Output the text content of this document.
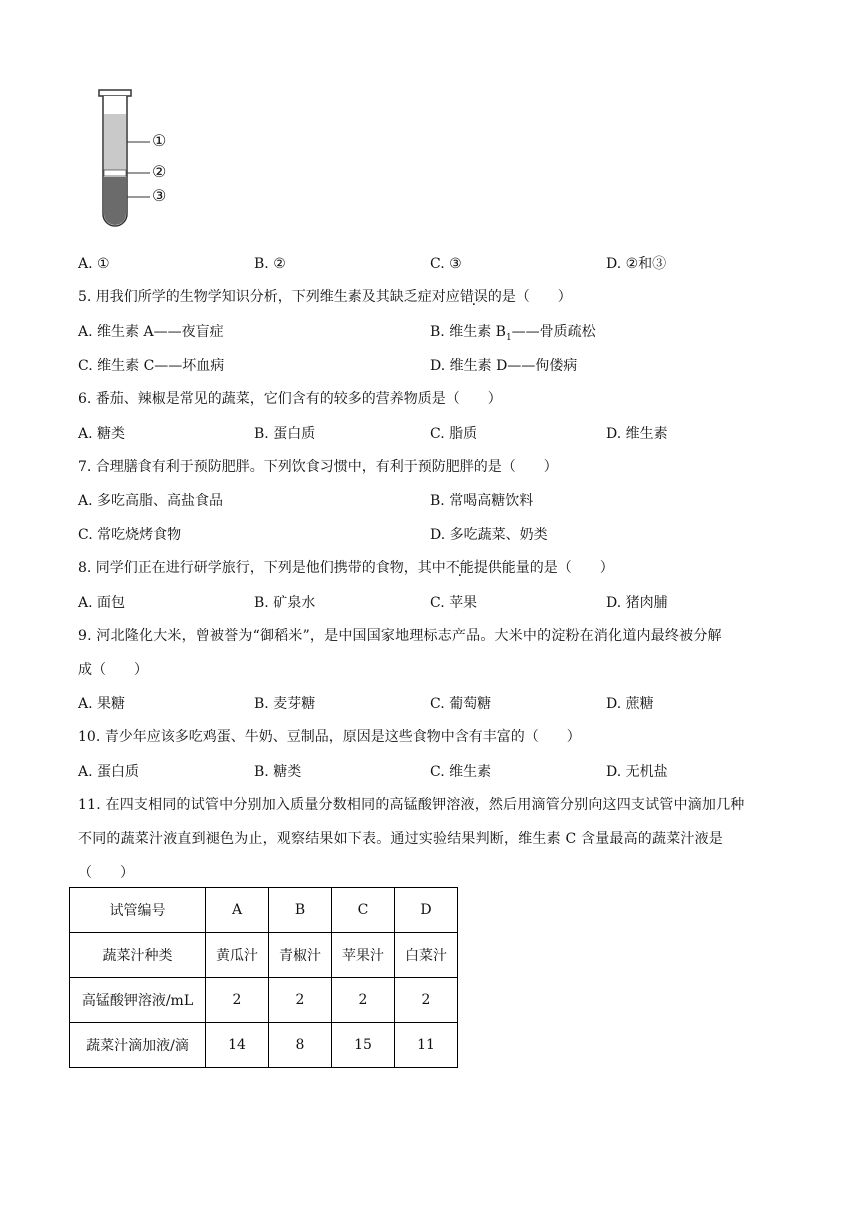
①
②
③
A. ①	B. ②	C. ③	D. ②和③
5. 用我们所学的生物学知识分析，下列维生素及其缺乏症对应错误的是（　　）
A. 维生素 A——夜盲症	B. 维生素 $B_1——$骨质疏松
C. 维生素 C——坏血病	D. 维生素 D——佝偻病
6. 番茄、辣椒是常见的蔬菜，它们含有的较多的营养物质是（　　）
A. 糖类	B. 蛋白质	C. 脂质	D. 维生素
7. 合理膳食有利于预防肥胖。下列饮食习惯中，有利于预防肥胖的是（　　）
A. 多吃高脂、高盐食品	B. 常喝高糖饮料
C. 常吃烧烤食物	D. 多吃蔬菜、奶类
8. 同学们正在进行研学旅行，下列是他们携带的食物，其中不能提供能量的是（　　）
A. 面包	B. 矿泉水	C. 苹果	D. 猪肉脯
9. 河北隆化大米，曾被誉为“御稻米”，是中国国家地理标志产品。大米中的淀粉在消化道内最终被分解
成（　　）
A. 果糖	B. 麦芽糖	C. 葡萄糖	D. 蔗糖
10. 青少年应该多吃鸡蛋、牛奶、豆制品，原因是这些食物中含有丰富的（　　）
A. 蛋白质	B. 糖类	C. 维生素	D. 无机盐
11. 在四支相同的试管中分别加入质量分数相同的高锰酸钾溶液，然后用滴管分别向这四支试管中滴加几种
不同的蔬菜汁液直到褪色为止，观察结果如下表。通过实验结果判断，维生素 C 含量最高的蔬菜汁液是
（　　）
试管编号	A	B	C	D
蔬菜汁种类	黄瓜汁	青椒汁	苹果汁	白菜汁
高锰酸钾溶液/mL	2	2	2	2
蔬菜汁滴加液/滴	14	8	15	11
